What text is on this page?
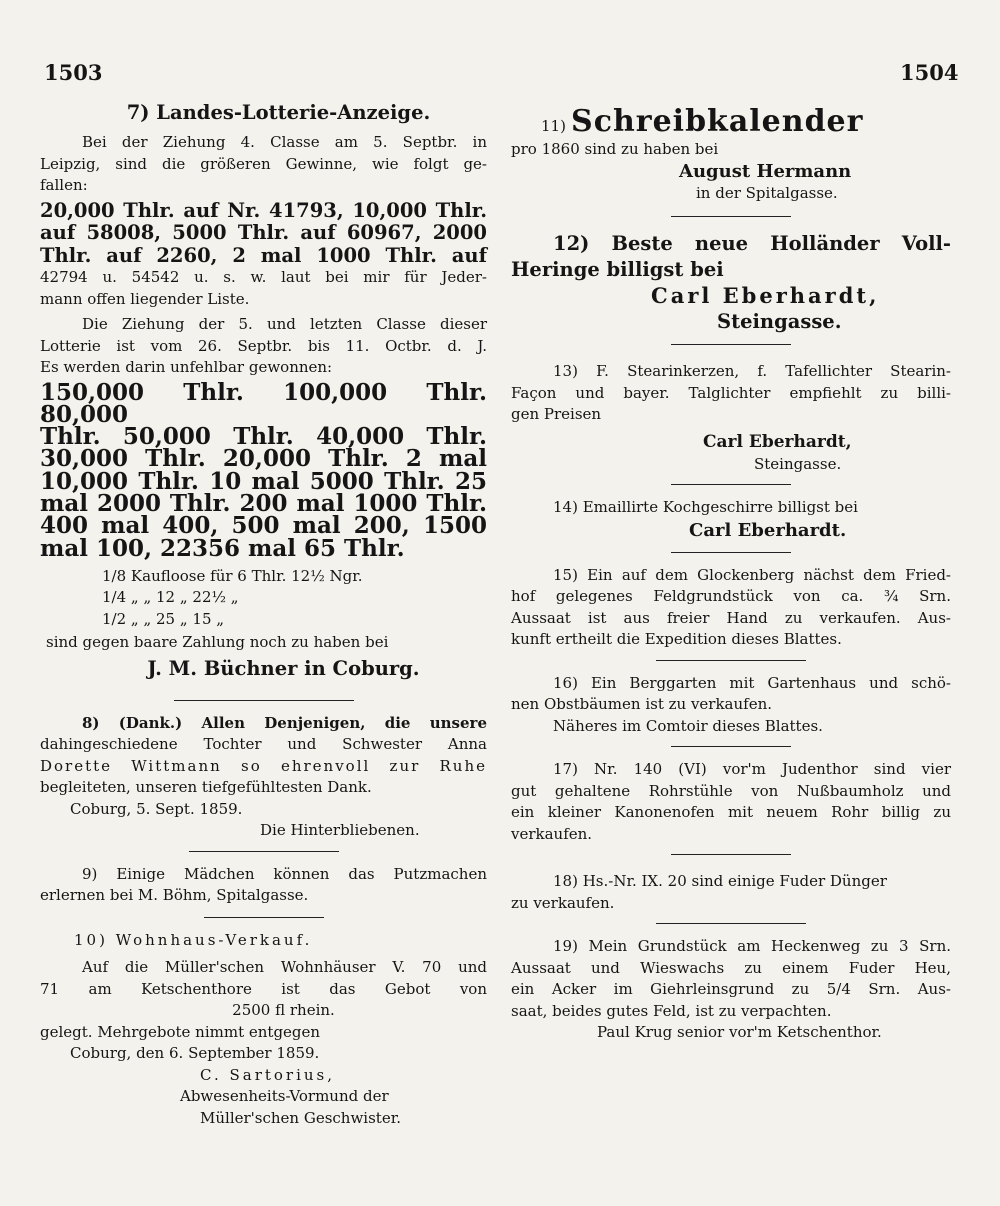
1503	1504

7) Landes-Lotterie-Anzeige.

Bei der Ziehung 4. Classe am 5. Septbr. in

Leipzig, sind die größeren Gewinne, wie folgt ge-

fallen:

20,000 Thlr. auf Nr. 41793, 10,000 Thlr.

auf 58008, 5000 Thlr. auf 60967, 2000

Thlr. auf 2260, 2 mal 1000 Thlr. auf

42794 u. 54542 u. s. w. laut bei mir für Jeder-

mann offen liegender Liste.

Die Ziehung der 5. und letzten Classe dieser

Lotterie ist vom 26. Septbr. bis 11. Octbr. d. J.

Es werden darin unfehlbar gewonnen:

150,000 Thlr. 100,000 Thlr. 80,000

Thlr. 50,000 Thlr. 40,000 Thlr.

30,000 Thlr. 20,000 Thlr. 2 mal

10,000 Thlr. 10 mal 5000 Thlr. 25

mal 2000 Thlr. 200 mal 1000 Thlr.

400 mal 400, 500 mal 200, 1500

mal 100, 22356 mal 65 Thlr.

1/8 Kaufloose für 6 Thlr. 12½ Ngr.

1/4 „ „ 12 „ 22½ „

1/2 „ „ 25 „ 15 „

sind gegen baare Zahlung noch zu haben bei

J. M. Büchner in Coburg.

8) (Dank.) Allen Denjenigen, die unsere

dahingeschiedene Tochter und Schwester Anna

Dorette Wittmann so ehrenvoll zur Ruhe

begleiteten, unseren tiefgefühltesten Dank.

Coburg, 5. Sept. 1859.

Die Hinterbliebenen.

9) Einige Mädchen können das Putzmachen

erlernen bei M. Böhm, Spitalgasse.

10) Wohnhaus-Verkauf.

Auf die Müller'schen Wohnhäuser V. 70 und

71 am Ketschenthore ist das Gebot von

2500 fl rhein.

gelegt. Mehrgebote nimmt entgegen

Coburg, den 6. September 1859.

C. Sartorius,

Abwesenheits-Vormund der

Müller'schen Geschwister.

11) Schreibkalender

pro 1860 sind zu haben bei

August Hermann

in der Spitalgasse.

12) Beste neue Holländer Voll-

Heringe billigst bei

Carl Eberhardt,

Steingasse.

13) F. Stearinkerzen, f. Tafellichter Stearin-

Façon und bayer. Talglichter empfiehlt zu billi-

gen Preisen

Carl Eberhardt,

Steingasse.

14) Emaillirte Kochgeschirre billigst bei

Carl Eberhardt.

15) Ein auf dem Glockenberg nächst dem Fried-

hof gelegenes Feldgrundstück von ca. ¾ Srn.

Aussaat ist aus freier Hand zu verkaufen. Aus-

kunft ertheilt die Expedition dieses Blattes.

16) Ein Berggarten mit Gartenhaus und schö-

nen Obstbäumen ist zu verkaufen.

Näheres im Comtoir dieses Blattes.

17) Nr. 140 (VI) vor'm Judenthor sind vier

gut gehaltene Rohrstühle von Nußbaumholz und

ein kleiner Kanonenofen mit neuem Rohr billig zu

verkaufen.

18) Hs.-Nr. IX. 20 sind einige Fuder Dünger

zu verkaufen.

19) Mein Grundstück am Heckenweg zu 3 Srn.

Aussaat und Wieswachs zu einem Fuder Heu,

ein Acker im Giehrleinsgrund zu 5/4 Srn. Aus-

saat, beides gutes Feld, ist zu verpachten.

Paul Krug senior vor'm Ketschenthor.
